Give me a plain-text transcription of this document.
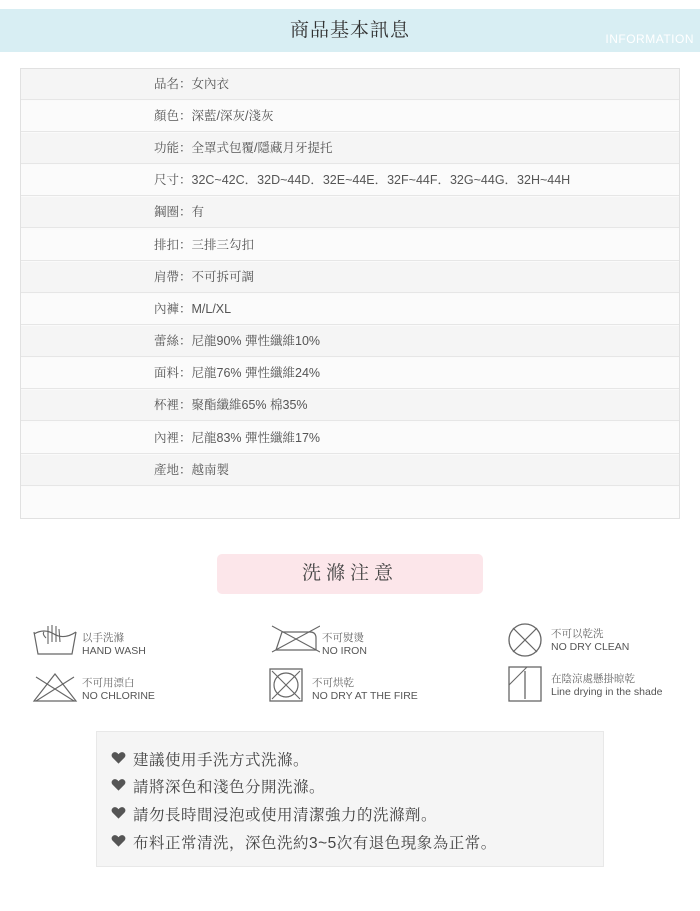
商品基本訊息	INFORMATION
品名：女內衣
顏色：深藍/深灰/淺灰
功能：全罩式包覆/隱藏月牙提托
尺寸：32C~42C．32D~44D．32E~44E．32F~44F．32G~44G．32H~44H
鋼圈：有
排扣：三排三勾扣
肩帶：不可拆可調
內褲：M/L/XL
蕾絲：尼龍90% 彈性纖維10%
面料：尼龍76% 彈性纖維24%
杯裡：聚酯纖維65% 棉35%
內裡：尼龍83% 彈性纖維17%
產地：越南製
洗滌注意
以手洗滌
HAND WASH
不可熨燙
NO IRON
不可以乾洗
NO DRY CLEAN
不可用漂白
NO CHLORINE
不可烘乾
NO DRY AT THE FIRE
在陰涼處懸掛晾乾
Line drying in the shade
建議使用手洗方式洗滌。
請將深色和淺色分開洗滌。
請勿長時間浸泡或使用清潔強力的洗滌劑。
布料正常清洗，深色洗約3~5次有退色現象為正常。
